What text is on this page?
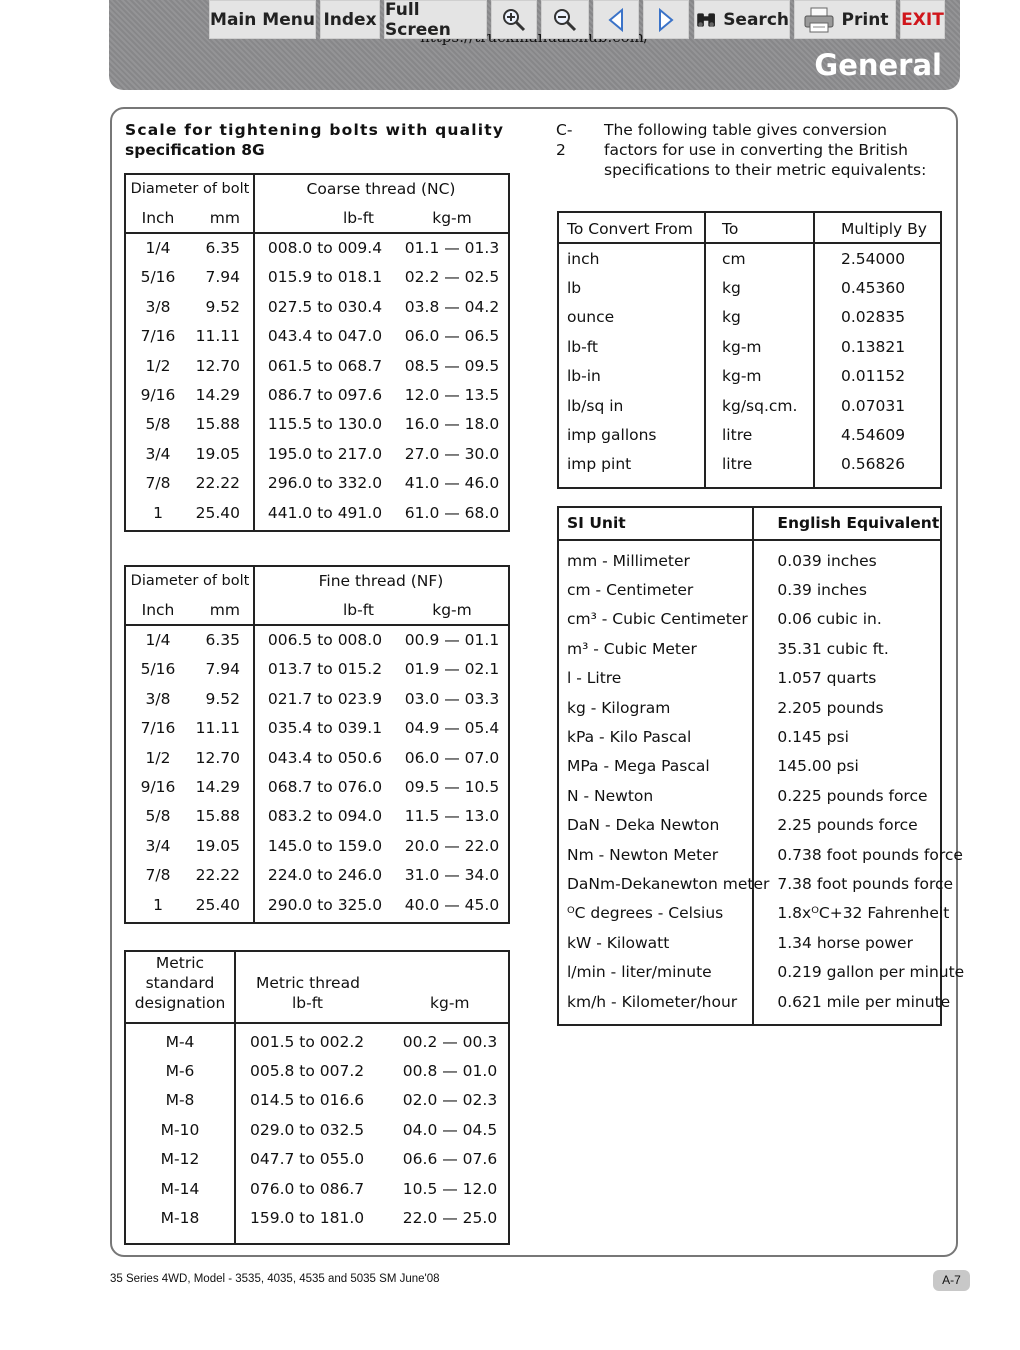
General
Scale for tightening bolts with quality
specification 8G
Diameter of bolt		Coarse thread (NC)	
Inch	mm	lb-ft	kg-m
1/4	6.35	008.0 to 009.4	01.1 — 01.3
5/16	7.94	015.9 to 018.1	02.2 — 02.5
3/8	9.52	027.5 to 030.4	03.8 — 04.2
7/16	11.11	043.4 to 047.0	06.0 — 06.5
1/2	12.70	061.5 to 068.7	08.5 — 09.5
9/16	14.29	086.7 to 097.6	12.0 — 13.5
5/8	15.88	115.5 to 130.0	16.0 — 18.0
3/4	19.05	195.0 to 217.0	27.0 — 30.0
7/8	22.22	296.0 to 332.0	41.0 — 46.0
1	25.40	441.0 to 491.0	61.0 — 68.0
Diameter of bolt		Fine thread (NF)	
Inch	mm	lb-ft	kg-m
1/4	6.35	006.5 to 008.0	00.9 — 01.1
5/16	7.94	013.7 to 015.2	01.9 — 02.1
3/8	9.52	021.7 to 023.9	03.0 — 03.3
7/16	11.11	035.4 to 039.1	04.9 — 05.4
1/2	12.70	043.4 to 050.6	06.0 — 07.0
9/16	14.29	068.7 to 076.0	09.5 — 10.5
5/8	15.88	083.2 to 094.0	11.5 — 13.0
3/4	19.05	145.0 to 159.0	20.0 — 22.0
7/8	22.22	224.0 to 246.0	31.0 — 34.0
1	25.40	290.0 to 325.0	40.0 — 45.0
Metric
standard
designation
Metric thread
lb-ft	kg-m
M-4	001.5 to 002.2	00.2 — 00.3
M-6	005.8 to 007.2	00.8 — 01.0
M-8	014.5 to 016.6	02.0 — 02.3
M-10	029.0 to 032.5	04.0 — 04.5
M-12	047.7 to 055.0	06.6 — 07.6
M-14	076.0 to 086.7	10.5 — 12.0
M-18	159.0 to 181.0	22.0 — 25.0
C-2
The following table gives conversion factors for use in converting the British specifications to their metric equivalents:
To Convert From	To	Multiply By
inch	cm	2.54000
lb	kg	0.45360
ounce	kg	0.02835
lb-ft	kg-m	0.13821
lb-in	kg-m	0.01152
lb/sq in	kg/sq.cm.	0.07031
imp gallons	litre	4.54609
imp pint	litre	0.56826
SI Unit	English Equivalent

mm - Millimeter	0.039 inches
cm - Centimeter	0.39 inches
cm³ - Cubic Centimeter	0.06 cubic in.
m³ - Cubic Meter	35.31 cubic ft.
l - Litre	1.057 quarts
kg - Kilogram	2.205 pounds
kPa - Kilo Pascal	0.145 psi
MPa - Mega Pascal	145.00 psi
N - Newton	0.225 pounds force
DaN - Deka Newton	2.25 pounds force
Nm - Newton Meter	0.738 foot pounds force
DaNm-Dekanewton meter	7.38 foot pounds force
ᴼC degrees - Celsius	1.8xᴼC+32 Fahrenheit
kW - Kilowatt	1.34 horse power
l/min - liter/minute	0.219 gallon per minute
km/h - Kilometer/hour	0.621 mile per minute
35 Series 4WD, Model - 3535, 4035, 4535 and 5035 SM June'08	A-7
Main Menu Index Full Screen	Search	Print EXIT
